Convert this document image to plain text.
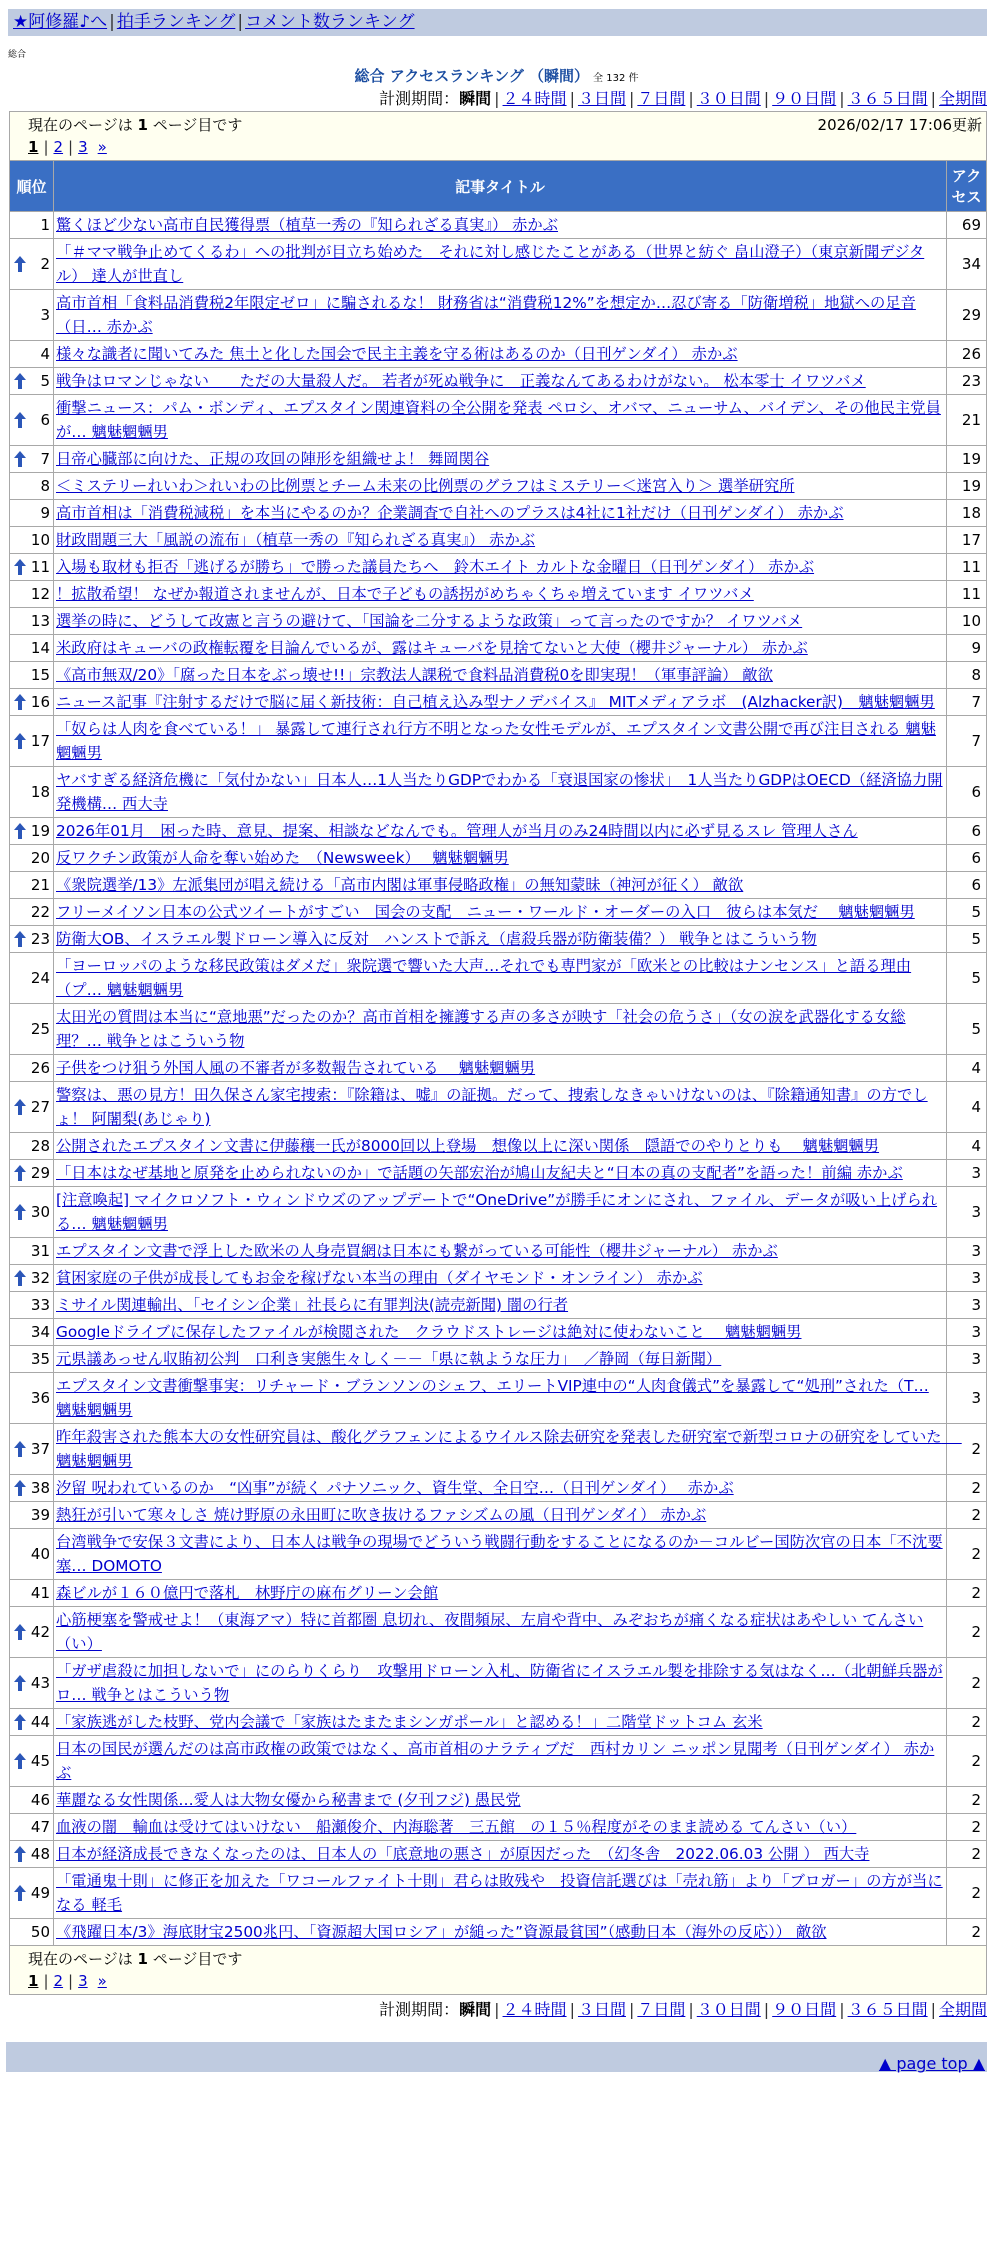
★阿修羅♪へ | 拍手ランキング | コメント数ランキング
総合
総合 アクセスランキング （瞬間） 全 132 件
計測期間：瞬間 | ２４時間 | ３日間 | ７日間 | ３０日間 | ９０日間 | ３６５日間 | 全期間
現在のページは 1 ページ目です 2026/02/17 17:06更新
1 | 2 | 3 »		

順位	記事タイトル	アクセス
1	驚くほど少ない高市自民獲得票（植草一秀の『知られざる真実』） 赤かぶ	69

2	「＃ママ戦争止めてくるわ」への批判が目立ち始めた　それに対し感じたことがある（世界と紡ぐ 畠山澄子）（東京新聞デジタル） 達人が世直し	34
3	高市首相「食料品消費税2年限定ゼロ」に騙されるな！ 財務省は“消費税12%”を想定か…忍び寄る「防衛増税」地獄への足音（日… 赤かぶ	29
4	様々な識者に聞いてみた 焦土と化した国会で民主主義を守る術はあるのか（日刊ゲンダイ） 赤かぶ	26

5	戦争はロマンじゃない　　ただの大量殺人だ。 若者が死ぬ戦争に　正義なんてあるわけがない。 松本零士 イワツバメ	23

6	衝撃ニュース：パム・ボンディ、エプスタイン関連資料の全公開を発表 ペロシ、オバマ、ニューサム、バイデン、その他民主党員が… 魑魅魍魎男	21

7	日帝心臓部に向けた、正規の攻回の陣形を組織せよ！ 舞岡関谷	19
8	＜ミステリーれいわ＞れいわの比例票とチーム未来の比例票のグラフはミステリー＜迷宮入り＞ 選挙研究所	19
9	高市首相は「消費税減税」を本当にやるのか？企業調査で自社へのプラスは4社に1社だけ（日刊ゲンダイ） 赤かぶ	18
10	財政間題三大「風説の流布」（植草一秀の『知られざる真実』） 赤かぶ	17

11	入場も取材も拒否「逃げるが勝ち」で勝った議員たちへ　鈴木エイト カルトな金曜日（日刊ゲンダイ） 赤かぶ	11
12	！拡散希望！ なぜか報道されませんが、日本で子どもの誘拐がめちゃくちゃ増えています イワツバメ	11
13	選挙の時に、どうして改憲と言うの避けて、「国論を二分するような政策」って言ったのですか？ イワツバメ	10
14	米政府はキューバの政権転覆を目論んでいるが、露はキューバを見捨てないと大使（櫻井ジャーナル） 赤かぶ	9
15	《高市無双/20》「腐った日本をぶっ壊せ!!」宗教法人課税で食料品消費税0を即実現！（軍事評論） 敵欲	8

16	ニュース記事『注射するだけで脳に届く新技術：自己植え込み型ナノデバイス』 MITメディアラボ　(Alzhacker訳)　魑魅魍魎男	7

17	「奴らは人肉を食べている！」 暴露して連行され行方不明となった女性モデルが、エプスタイン文書公開で再び注目される 魑魅魍魎男	7
18	ヤバすぎる経済危機に「気付かない」日本人…1人当たりGDPでわかる「衰退国家の惨状」　1人当たりGDPはOECD（経済協力開発機構… 西大寺	6

19	2026年01月　困った時、意見、提案、相談などなんでも。管理人が当月のみ24時間以内に必ず見るスレ 管理人さん	6
20	反ワクチン政策が人命を奪い始めた　（Newsweek）　 魑魅魍魎男	6
21	《衆院選挙/13》左派集団が唱え続ける「高市内閣は軍事侵略政権」の無知蒙昧（神河が征く） 敵欲	6
22	フリーメイソン日本の公式ツイートがすごい　国会の支配　ニュー・ワールド・オーダーの入口　彼らは本気だ　 魑魅魍魎男	5

23	防衛大OB、イスラエル製ドローン導入に反対　ハンストで訴え（虐殺兵器が防衛装備？） 戦争とはこういう物	5
24	「ヨーロッパのような移民政策はダメだ」衆院選で響いた大声…それでも専門家が「欧米との比較はナンセンス」と語る理由（プ… 魑魅魍魎男	5
25	太田光の質問は本当に“意地悪”だったのか？高市首相を擁護する声の多さが映す「社会の危うさ」（女の涙を武器化する女総理？… 戦争とはこういう物	5
26	子供をつけ狙う外国人風の不審者が多数報告されている　 魑魅魍魎男	4

27	警察は、悪の見方！田久保さん家宅捜索：『除籍は、嘘』の証拠。だって、捜索しなきゃいけないのは、『除籍通知書』の方でしょ！ 阿闍梨(あじゃり)	4
28	公開されたエプスタイン文書に伊藤穰一氏が8000回以上登場　想像以上に深い関係　隠語でのやりとりも　 魑魅魍魎男	4

29	「日本はなぜ基地と原発を止められないのか」で話題の矢部宏治が鳩山友紀夫と“日本の真の支配者”を語った！前編 赤かぶ	3

30	[注意喚起] マイクロソフト・ウィンドウズのアップデートで“OneDrive”が勝手にオンにされ、ファイル、データが吸い上げられる… 魑魅魍魎男	3
31	エプスタイン文書で浮上した欧米の人身売買網は日本にも繋がっている可能性（櫻井ジャーナル） 赤かぶ	3

32	貧困家庭の子供が成長してもお金を稼げない本当の理由（ダイヤモンド・オンライン） 赤かぶ	3
33	ミサイル関連輸出、「セイシン企業」社長らに有罪判決(読売新聞) 闇の行者	3
34	Googleドライブに保存したファイルが検閲された　クラウドストレージは絶対に使わないこと　 魑魅魍魎男	3
35	元県議あっせん収賄初公判　口利き実態生々しく－－「県に執ような圧力」　／静岡（毎日新聞）	3
36	エプスタイン文書衝撃事実：リチャード・ブランソンのシェフ、エリートVIP連中の“人肉食儀式”を暴露して“処刑”された（T… 魑魅魍魎男	3

37	昨年殺害された熊本大の女性研究員は、酸化グラフェンによるウイルス除去研究を発表した研究室で新型コロナの研究をしていた　 魑魅魍魎男	2

38	汐留 呪われているのか　“凶事”が続く パナソニック、資生堂、全日空…（日刊ゲンダイ）　 赤かぶ	2
39	熱狂が引いて寒々しさ 焼け野原の永田町に吹き抜けるファシズムの風（日刊ゲンダイ） 赤かぶ	2
40	台湾戦争で安保３文書により、日本人は戦争の現場でどういう戦闘行動をすることになるのか－コルビー国防次官の日本「不沈要塞… DOMOTO	2
41	森ビルが１６０億円で落札　林野庁の麻布グリーン会館	2

42	心筋梗塞を警戒せよ！（東海アマ）特に首都圏 息切れ、夜間頻尿、左肩や背中、みぞおちが痛くなる症状はあやしい てんさい（い）	2

43	「ガザ虐殺に加担しないで」にのらりくらり　攻撃用ドローン入札、防衛省にイスラエル製を排除する気はなく…（北朝鮮兵器がロ… 戦争とはこういう物	2

44	「家族逃がした枝野、党内会議で「家族はたまたまシンガポール」と認める！」二階堂ドットコム 玄米	2

45	日本の国民が選んだのは高市政権の政策ではなく、高市首相のナラティブだ　西村カリン ニッポン見聞考（日刊ゲンダイ） 赤かぶ	2
46	華麗なる女性関係…愛人は大物女優から秘書まで (夕刊フジ) 愚民党	2
47	血液の闇　輸血は受けてはいけない　船瀬俊介、内海聡著　三五館　の１５％程度がそのまま読める てんさい（い）	2

48	日本が経済成長できなくなったのは、日本人の「底意地の悪さ」が原因だった　（幻冬舎　2022.06.03 公開 ） 西大寺	2

49	「電通鬼十則」に修正を加えた「ワコールファイト十則」君らは敗残や　投資信託選びは「売れ筋」より「ブロガー」の方が当になる 軽毛	2
50	《飛躍日本/3》海底財宝2500兆円、「資源超大国ロシア」が縋った”資源最貧国”（感動日本（海外の反応）） 敵欲	2

現在のページは 1 ページ目です
1 | 2 | 3 »		
計測期間：瞬間 | ２４時間 | ３日間 | ７日間 | ３０日間 | ９０日間 | ３６５日間 | 全期間
▲ page top ▲
